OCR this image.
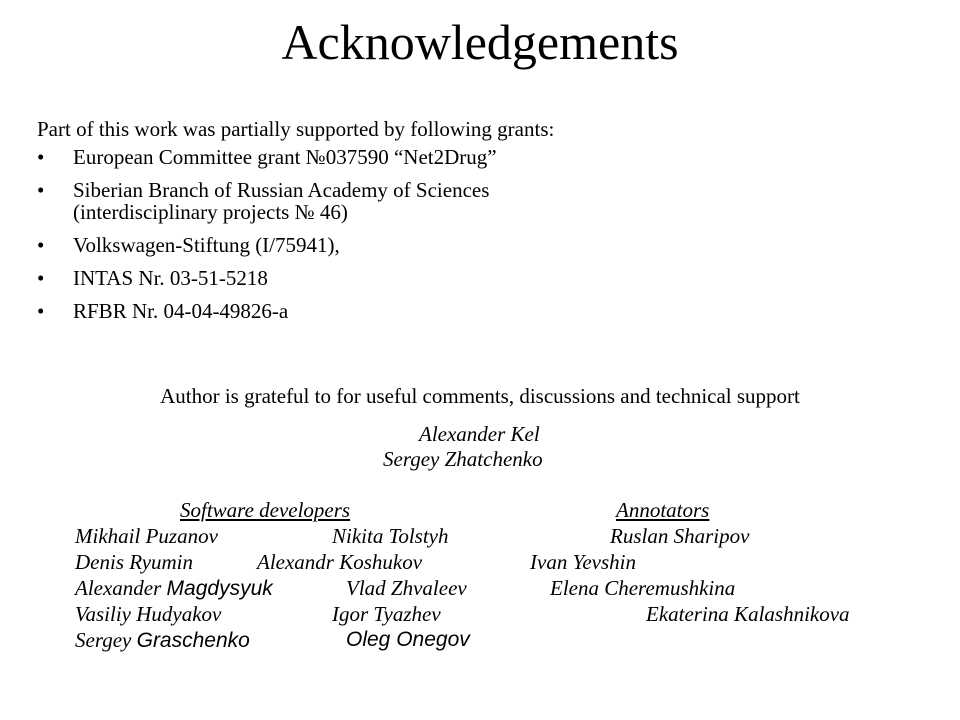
Acknowledgements
Part of this work was partially supported by following grants:
• European Committee grant №037590 “Net2Drug”
• Siberian Branch of Russian Academy of Sciences
(interdisciplinary projects № 46)
• Volkswagen-Stiftung (I/75941),
• INTAS Nr. 03-51-5218
• RFBR Nr. 04-04-49826-a
Author is grateful to for useful comments, discussions and technical support
Alexander Kel
Sergey Zhatchenko
Software developers	Annotators
Mikhail Puzanov	Nikita Tolstyh	Ruslan Sharipov
Denis Ryumin	Alexandr Koshukov	Ivan Yevshin
Alexander Magdysyuk	Vlad Zhvaleev	Elena Cheremushkina
Vasiliy Hudyakov	Igor Tyazhev	Ekaterina Kalashnikova
Sergey Graschenko	Oleg Onegov
